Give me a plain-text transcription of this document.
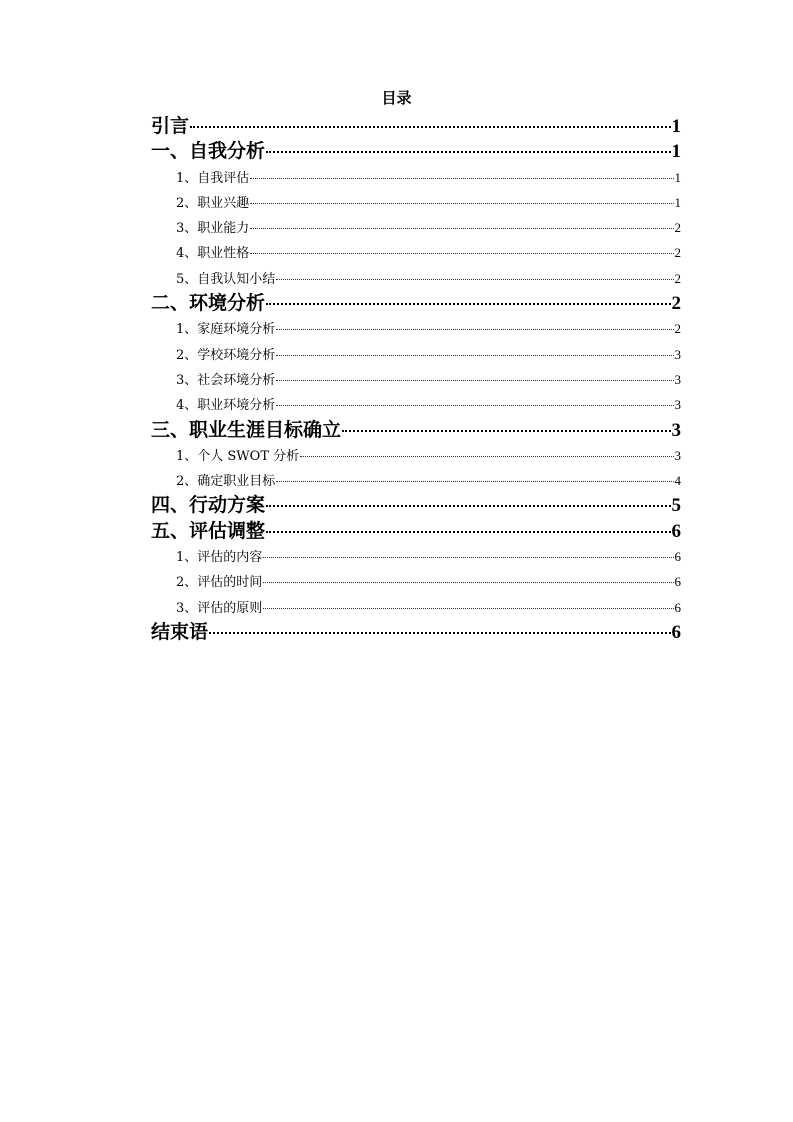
目录
引言	1
一、自我分析	1
1、自我评估	1
2、职业兴趣	1
3、职业能力	2
4、职业性格	2
5、自我认知小结	2
二、环境分析	2
1、家庭环境分析	2
2、学校环境分析	3
3、社会环境分析	3
4、职业环境分析	3
三、职业生涯目标确立	3
1、个人 SWOT 分析	3
2、确定职业目标	4
四、行动方案	5
五、评估调整	6
1、评估的内容	6
2、评估的时间	6
3、评估的原则	6
结束语	6
